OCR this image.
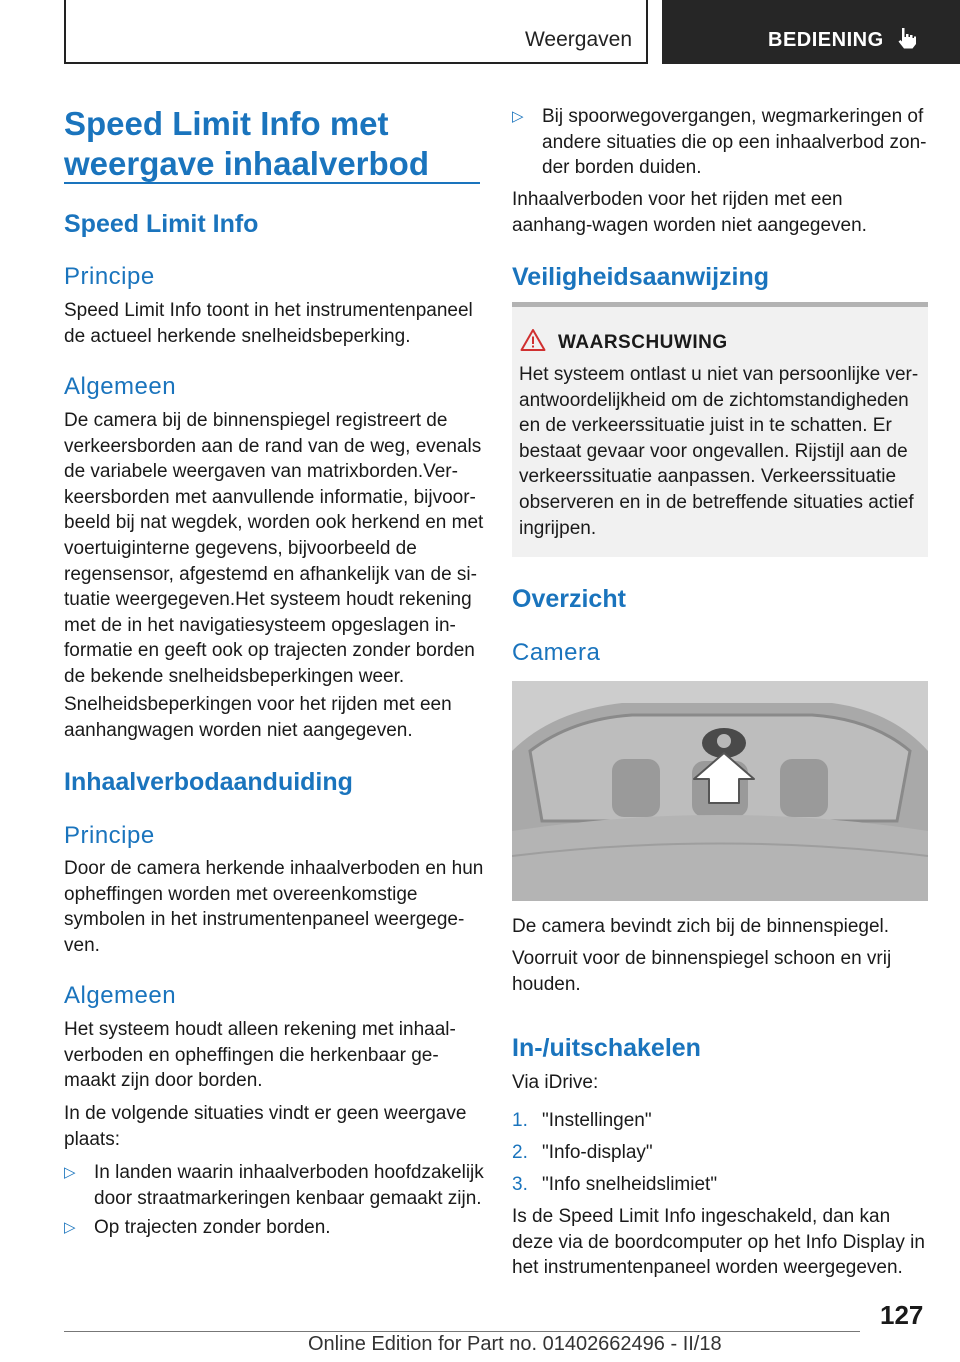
Weergaven	BEDIENING
Speed Limit Info met weergave inhaalverbod
Speed Limit Info
Principe
Speed Limit Info toont in het instrumentenpaneel de actueel herkende snelheidsbeperking.
Algemeen
De camera bij de binnenspiegel registreert de verkeersborden aan de rand van de weg, evenals de variabele weergaven van matrixborden.Ver-keersborden met aanvullende informatie, bijvoor-beeld bij nat wegdek, worden ook herkend en met voertuiginterne gegevens, bijvoorbeeld de regensensor, afgestemd en afhankelijk van de si-tuatie weergegeven.Het systeem houdt rekening met de in het navigatiesysteem opgeslagen in-formatie en geeft ook op trajecten zonder borden de bekende snelheidsbeperkingen weer.
Snelheidsbeperkingen voor het rijden met een aanhangwagen worden niet aangegeven.
Inhaalverbodaanduiding
Principe
Door de camera herkende inhaalverboden en hun opheffingen worden met overeenkomstige symbolen in het instrumentenpaneel weergege-ven.
Algemeen
Het systeem houdt alleen rekening met inhaal-verboden en opheffingen die herkenbaar ge-maakt zijn door borden.
In de volgende situaties vindt er geen weergave plaats:
▷ In landen waarin inhaalverboden hoofdzakelijk door straatmarkeringen kenbaar gemaakt zijn.
▷ Op trajecten zonder borden.
▷ Bij spoorwegovergangen, wegmarkeringen of andere situaties die op een inhaalverbod zon-der borden duiden.
Inhaalverboden voor het rijden met een aanhang-wagen worden niet aangegeven.
Veiligheidsaanwijzing
WAARSCHUWING
Het systeem ontlast u niet van persoonlijke ver-antwoordelijkheid om de zichtomstandigheden en de verkeerssituatie juist in te schatten. Er bestaat gevaar voor ongevallen. Rijstijl aan de verkeerssituatie aanpassen. Verkeerssituatie observeren en in de betreffende situaties actief ingrijpen.
Overzicht
Camera
De camera bevindt zich bij de binnenspiegel.
Voorruit voor de binnenspiegel schoon en vrij houden.
In-/uitschakelen
Via iDrive:
1. "Instellingen"
2. "Info-display"
3. "Info snelheidslimiet"
Is de Speed Limit Info ingeschakeld, dan kan deze via de boordcomputer op het Info Display in het instrumentenpaneel worden weergegeven.
127
Online Edition for Part no. 01402662496 - II/18
